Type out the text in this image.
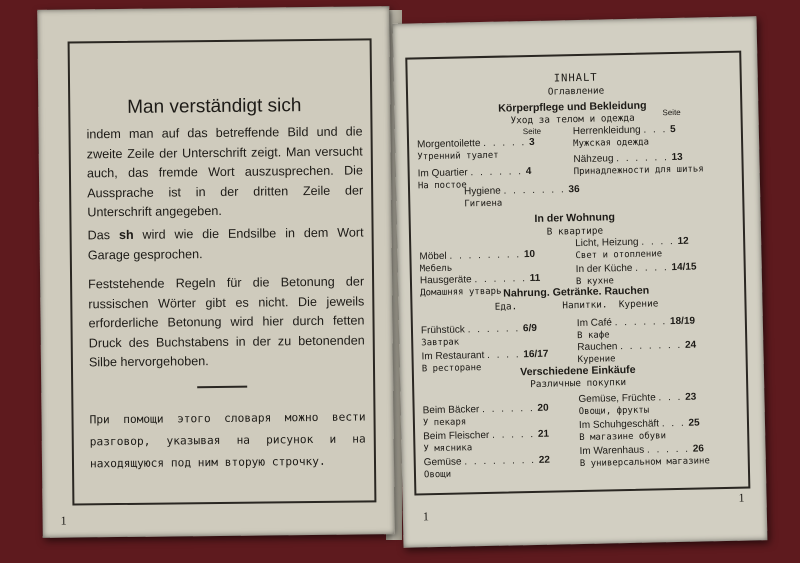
Man verständigt sich

indem man auf das betreffende Bild und die zweite Zeile der Unterschrift zeigt. Man versucht auch, das fremde Wort auszusprechen. Die Aussprache ist in der dritten Zeile der Unterschrift angegeben.

Das sh wird wie die Endsilbe in dem Wort Garage gesprochen.

Feststehende Regeln für die Betonung der russischen Wörter gibt es nicht. Die jeweils erforderliche Betonung wird hier durch fetten Druck des Buchstabens in der zu betonenden Silbe hervorgehoben.

При помощи этого словаря можно вести разговор, указывая на рисунок и на находящуюся под ним вторую строчку.

1
INHALT
Оглавление
Körperpflege und Bekleidung
Уход за телом и одежда
Seite
Seite
In der Wohnung
В квартире
Nahrung. Getränke. Rauchen
Еда.        Напитки.  Курение
Verschiedene Einkäufe
Различные покупки
Morgentoilette . . . . . 3
Утренний туалет
Im Quartier . . . . . . 4
На постое
Hygiene . . . . . . . 36
Гигиена
Möbel . . . . . . . . 10
Мебель
Hausgeräte . . . . . . 11
Домашняя утварь
Frühstück . . . . . . 6/9
Завтрак
Im Restaurant . . . . 16/17
В ресторане
Beim Bäcker . . . . . . 20
У пекаря
Beim Fleischer . . . . . 21
У мясника
Gemüse . . . . . . . . 22
Овощи
Herrenkleidung . . . 5
Мужская одежда
Nähzeug . . . . . . 13
Принадлежности для шитья
Licht, Heizung . . . . 12
Свет и отопление
In der Küche . . . . 14/15
В кухне
Im Café . . . . . . 18/19
В кафе
Rauchen . . . . . . . 24
Курение
Gemüse, Früchte . . . 23
Овощи, фрукты
Im Schuhgeschäft . . . 25
В магазине обуви
Im Warenhaus . . . . . 26
В универсальном магазине
1
1
